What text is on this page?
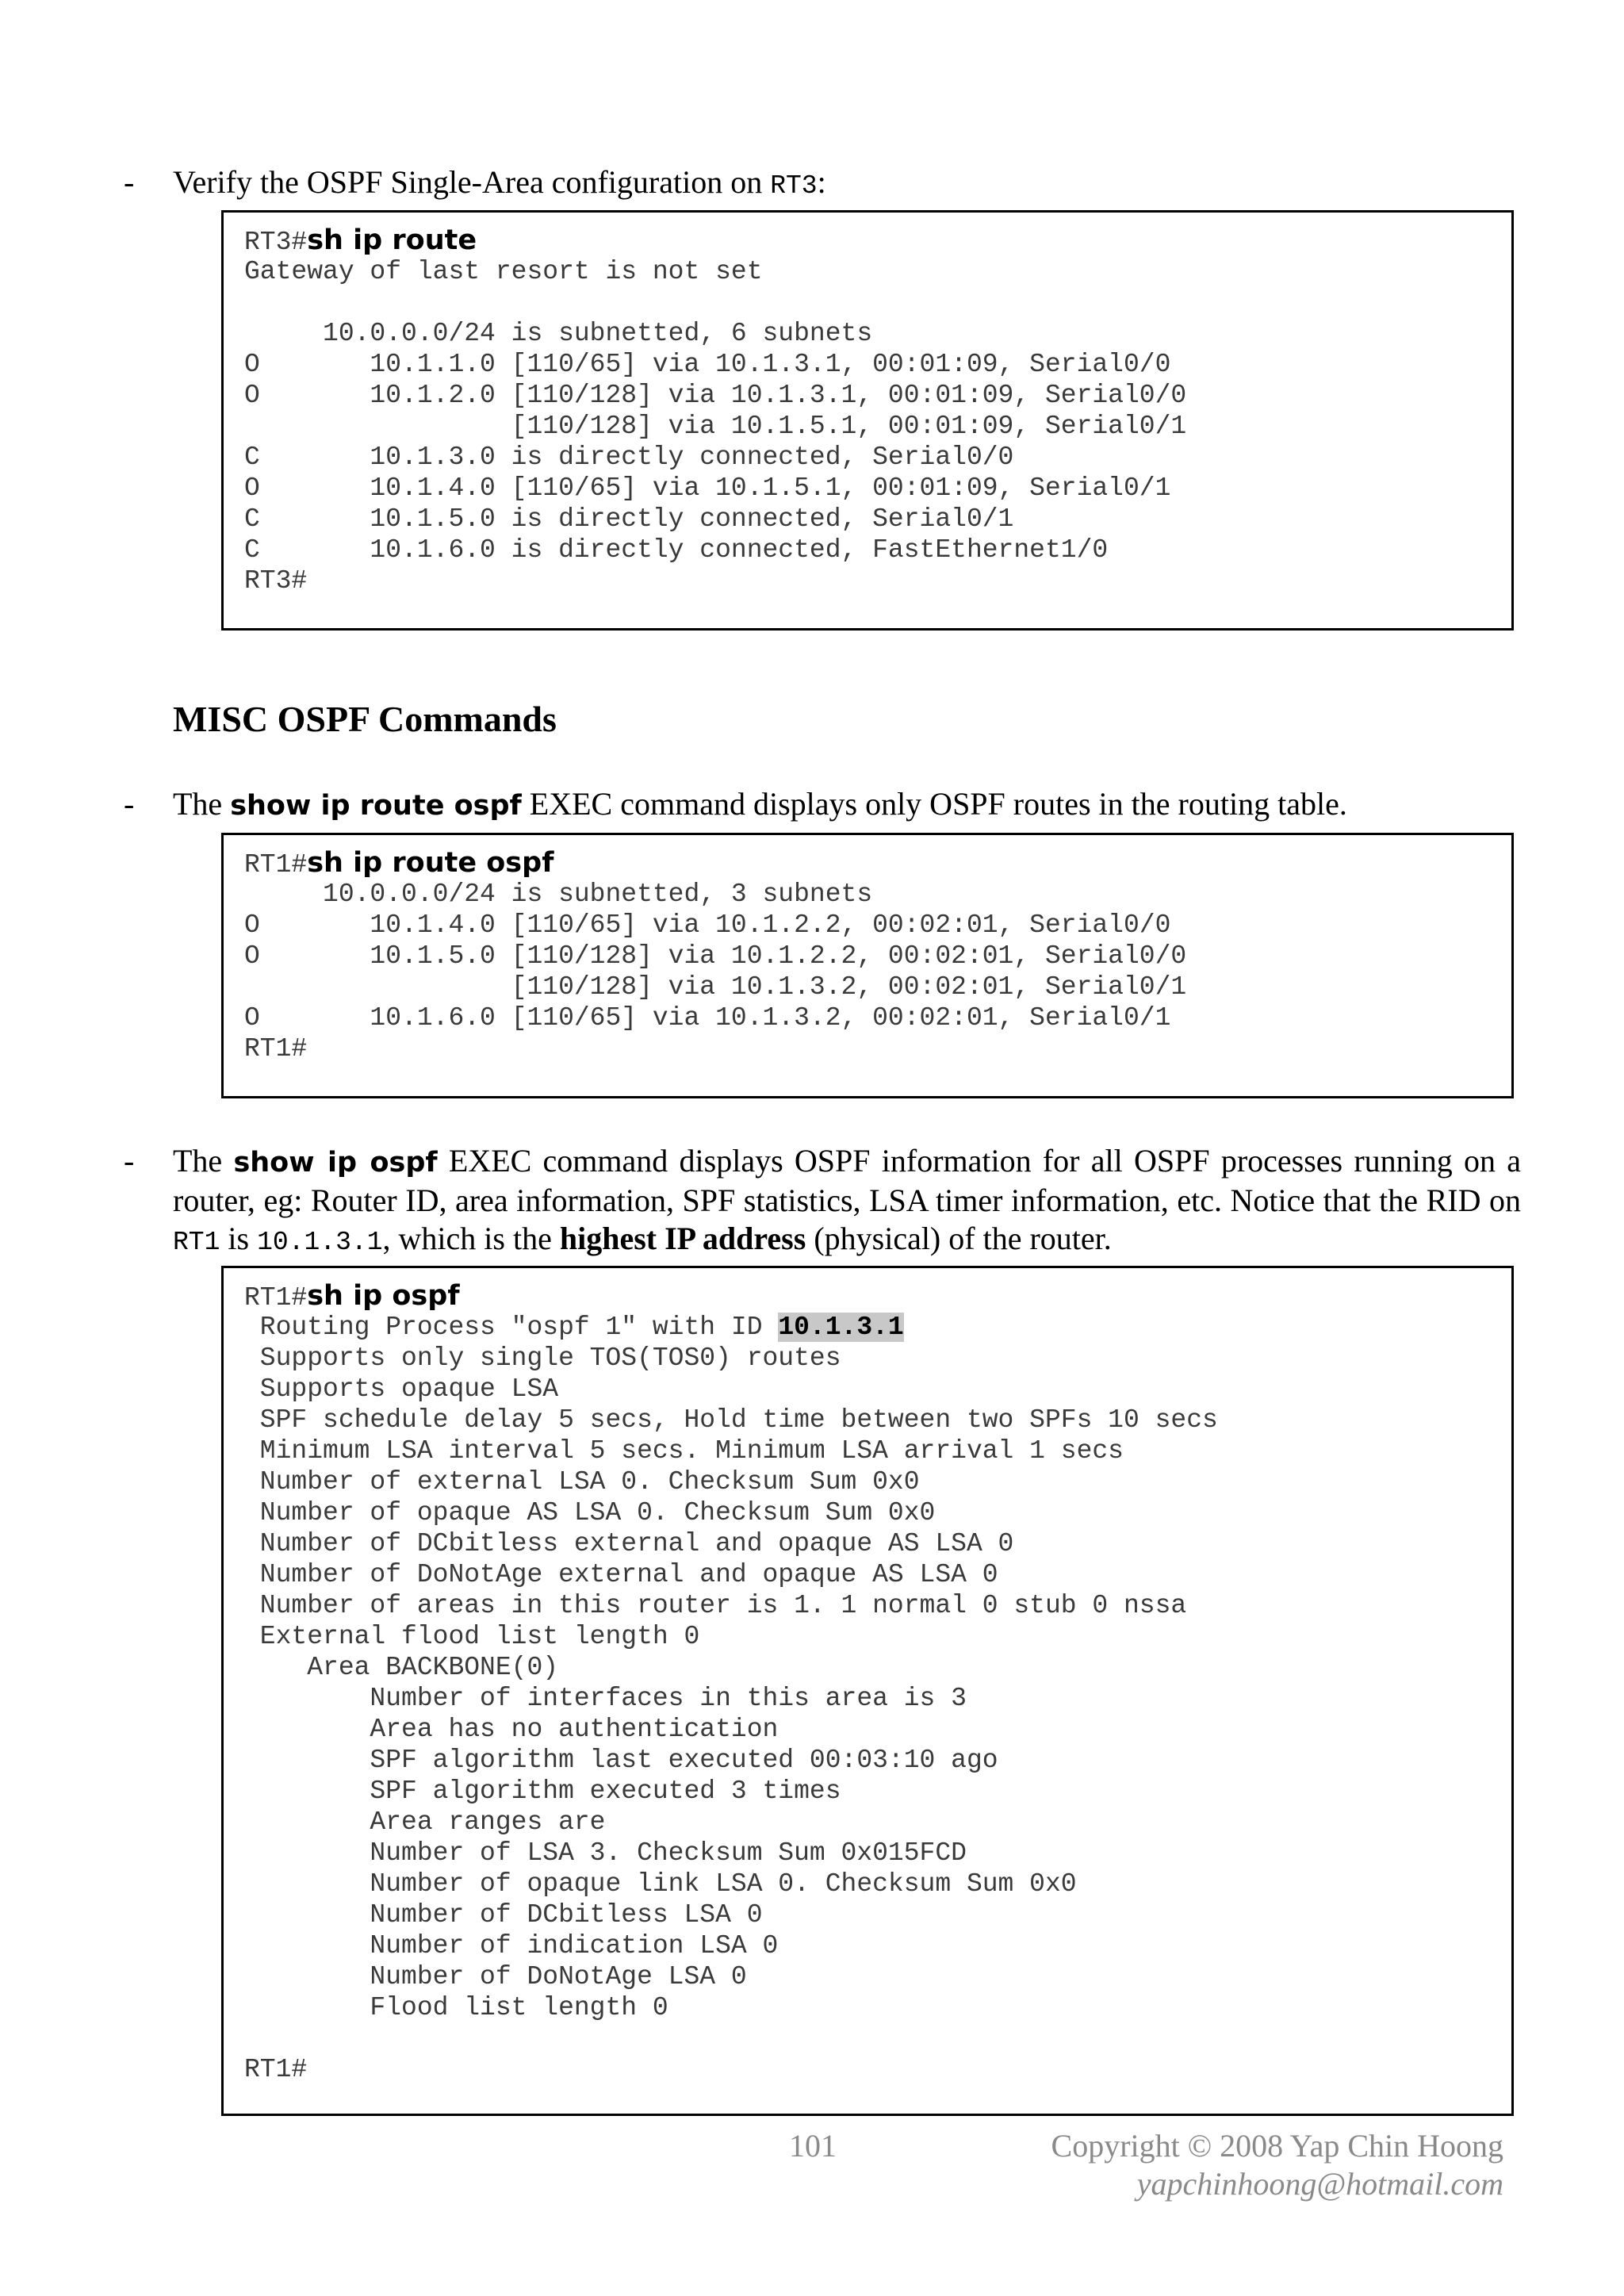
- Verify the OSPF Single-Area configuration on RT3:
RT3#sh ip route
Gateway of last resort is not set
10.0.0.0/24 is subnetted, 6 subnets
O       10.1.1.0 [110/65] via 10.1.3.1, 00:01:09, Serial0/0
O       10.1.2.0 [110/128] via 10.1.3.1, 00:01:09, Serial0/0
[110/128] via 10.1.5.1, 00:01:09, Serial0/1
C       10.1.3.0 is directly connected, Serial0/0
O       10.1.4.0 [110/65] via 10.1.5.1, 00:01:09, Serial0/1
C       10.1.5.0 is directly connected, Serial0/1
C       10.1.6.0 is directly connected, FastEthernet1/0
RT3#
MISC OSPF Commands
- The show ip route ospf EXEC command displays only OSPF routes in the routing table.
RT1#sh ip route ospf
10.0.0.0/24 is subnetted, 3 subnets
O       10.1.4.0 [110/65] via 10.1.2.2, 00:02:01, Serial0/0
O       10.1.5.0 [110/128] via 10.1.2.2, 00:02:01, Serial0/0
[110/128] via 10.1.3.2, 00:02:01, Serial0/1
O       10.1.6.0 [110/65] via 10.1.3.2, 00:02:01, Serial0/1
RT1#
- The show ip ospf EXEC command displays OSPF information for all OSPF processes running on a router, eg: Router ID, area information, SPF statistics, LSA timer information, etc. Notice that the RID on RT1 is 10.1.3.1, which is the highest IP address (physical) of the router.
RT1#sh ip ospf
Routing Process "ospf 1" with ID 10.1.3.1
Supports only single TOS(TOS0) routes
Supports opaque LSA
SPF schedule delay 5 secs, Hold time between two SPFs 10 secs
Minimum LSA interval 5 secs. Minimum LSA arrival 1 secs
Number of external LSA 0. Checksum Sum 0x0
Number of opaque AS LSA 0. Checksum Sum 0x0
Number of DCbitless external and opaque AS LSA 0
Number of DoNotAge external and opaque AS LSA 0
Number of areas in this router is 1. 1 normal 0 stub 0 nssa
External flood list length 0
Area BACKBONE(0)
Number of interfaces in this area is 3
Area has no authentication
SPF algorithm last executed 00:03:10 ago
SPF algorithm executed 3 times
Area ranges are
Number of LSA 3. Checksum Sum 0x015FCD
Number of opaque link LSA 0. Checksum Sum 0x0
Number of DCbitless LSA 0
Number of indication LSA 0
Number of DoNotAge LSA 0
Flood list length 0
RT1#
101	Copyright © 2008 Yap Chin Hoong
yapchinhoong@hotmail.com
